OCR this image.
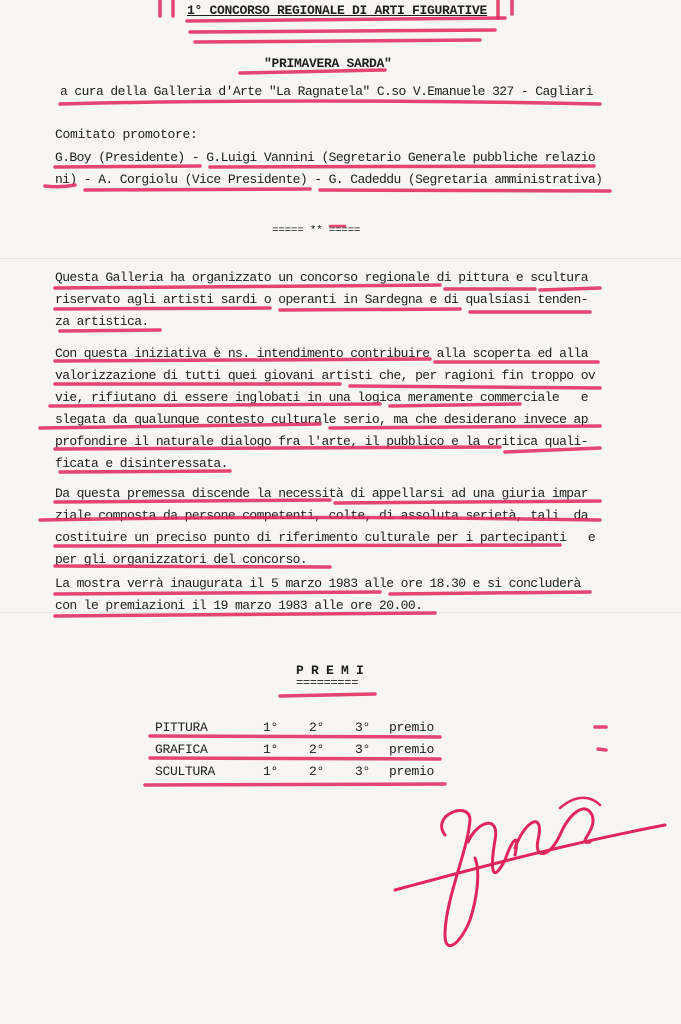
1° CONCORSO REGIONALE DI ARTI FIGURATIVE
"PRIMAVERA SARDA"
a cura della Galleria d'Arte "La Ragnatela" C.so V.Emanuele 327 - Cagliari
Comitato promotore:
G.Boy (Presidente) - G.Luigi Vannini (Segretario Generale pubbliche relazio
ni) - A. Corgiolu (Vice Presidente) - G. Cadeddu (Segretaria amministrativa)
===== ** =====
Questa Galleria ha organizzato un concorso regionale di pittura e scultura
riservato agli artisti sardi o operanti in Sardegna e di qualsiasi tenden-
za artistica.
Con questa iniziativa è ns. intendimento contribuire alla scoperta ed alla
valorizzazione di tutti quei giovani artisti che, per ragioni fin troppo ov
vie, rifiutano di essere inglobati in una logica meramente commerciale   e
slegata da qualunque contesto culturale serio, ma che desiderano invece ap
profondire il naturale dialogo fra l'arte, il pubblico e la critica quali-
ficata e disinteressata.
Da questa premessa discende la necessità di appellarsi ad una giuria impar
ziale composta da persone competenti, colte, di assoluta serietà, tali  da
costituire un preciso punto di riferimento culturale per i partecipanti   e
per gli organizzatori del concorso.
La mostra verrà inaugurata il 5 marzo 1983 alle ore 18.30 e si concluderà
con le premiazioni il 19 marzo 1983 alle ore 20.00.
P R E M I
=========
PITTURA	1° 2° 3° premio
GRAFICA	1° 2° 3° premio
SCULTURA	1° 2° 3° premio
